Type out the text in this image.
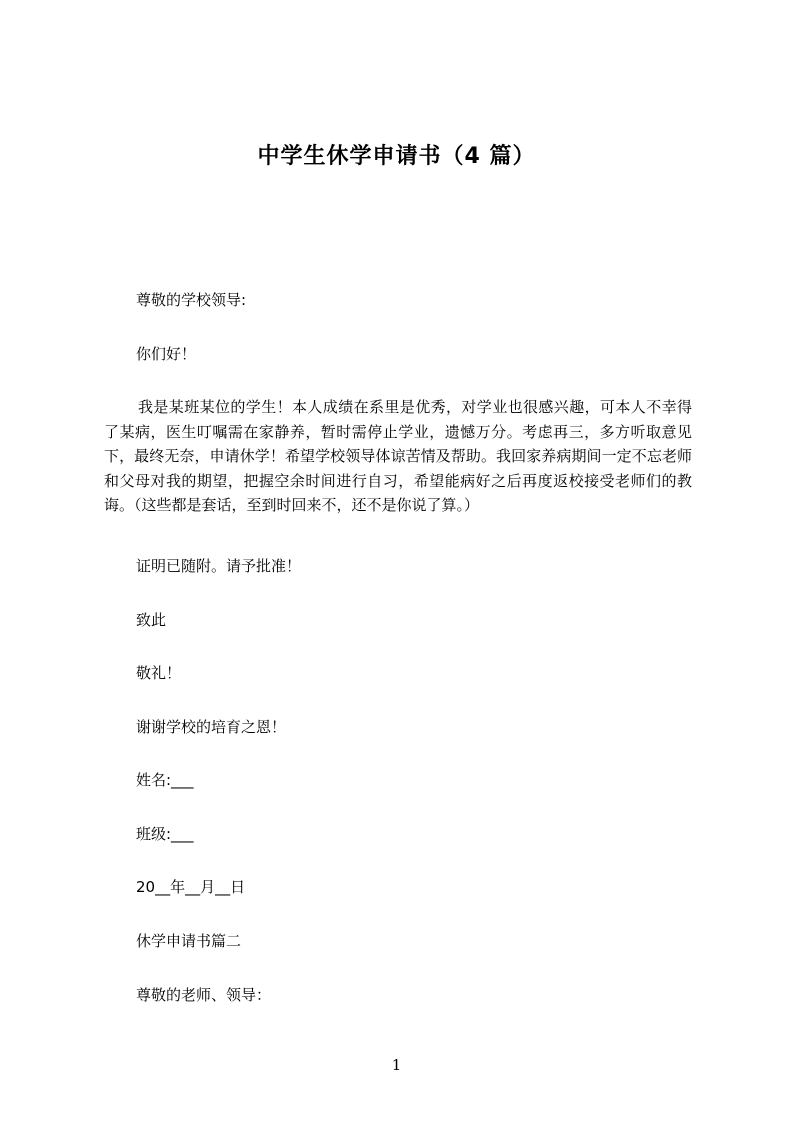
中学生休学申请书（4 篇）
尊敬的学校领导:
你们好！
我是某班某位的学生！本人成绩在系里是优秀，对学业也很感兴趣，可本人不幸得了某病，医生叮嘱需在家静养，暂时需停止学业，遗憾万分。考虑再三，多方听取意见下，最终无奈，申请休学！希望学校领导体谅苦情及帮助。我回家养病期间一定不忘老师和父母对我的期望，把握空余时间进行自习，希望能病好之后再度返校接受老师们的教诲。（这些都是套话，至到时回来不，还不是你说了算。）
证明已随附。请予批准！
致此
敬礼！
谢谢学校的培育之恩！
姓名:___
班级:___
20__年__月__日
休学申请书篇二
尊敬的老师、领导：
1
